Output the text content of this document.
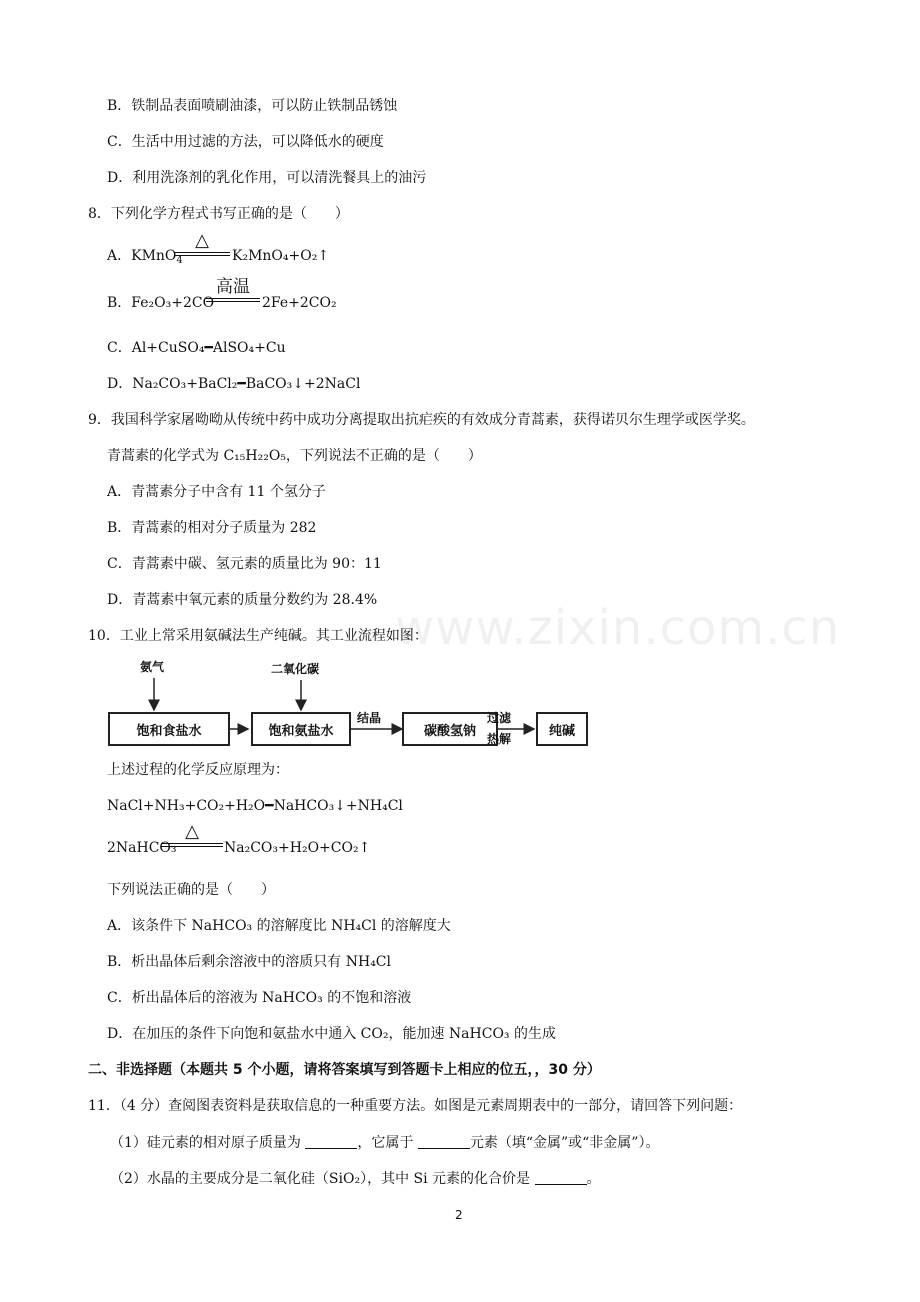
www.zixin.com.cn
B．铁制品表面喷刷油漆，可以防止铁制品锈蚀
C．生活中用过滤的方法，可以降低水的硬度
D．利用洗涤剂的乳化作用，可以清洗餐具上的油污
8．下列化学方程式书写正确的是（　　）
A．KMnO$_4$
△
K₂MnO₄+O₂↑
B．Fe₂O₃+2CO
高温
2Fe+2CO₂
C．Al+CuSO₄━AlSO₄+Cu
D．Na₂CO₃+BaCl₂━BaCO₃↓+2NaCl
9．我国科学家屠呦呦从传统中药中成功分离提取出抗疟疾的有效成分青蒿素，获得诺贝尔生理学或医学奖。
青蒿素的化学式为 C₁₅H₂₂O₅，下列说法不正确的是（　　）
A．青蒿素分子中含有 11 个氢分子
B．青蒿素的相对分子质量为 282
C．青蒿素中碳、氢元素的质量比为 90：11
D．青蒿素中氧元素的质量分数约为 28.4%
10．工业上常采用氨碱法生产纯碱。其工业流程如图：
氨气	二氧化碳
饱和食盐水	饱和氨盐水	碳酸氢钠	纯碱
结晶	过滤
热解
上述过程的化学反应原理为：
NaCl+NH₃+CO₂+H₂O━NaHCO₃↓+NH₄Cl
2NaHCO₃
△
Na₂CO₃+H₂O+CO₂↑
下列说法正确的是（　　）
A．该条件下 NaHCO₃ 的溶解度比 NH₄Cl 的溶解度大
B．析出晶体后剩余溶液中的溶质只有 NH₄Cl
C．析出晶体后的溶液为 NaHCO₃ 的不饱和溶液
D．在加压的条件下向饱和氨盐水中通入 CO₂，能加速 NaHCO₃ 的生成
二、非选择题（本题共 5 个小题，请将答案填写到答题卡上相应的位五，，30 分）
11．（4 分）查阅图表资料是获取信息的一种重要方法。如图是元素周期表中的一部分，请回答下列问题：
（1）硅元素的相对原子质量为	，它属于	元素（填“金属”或“非金属”）。
（2）水晶的主要成分是二氧化硅（SiO₂），其中 Si 元素的化合价是	。
2
